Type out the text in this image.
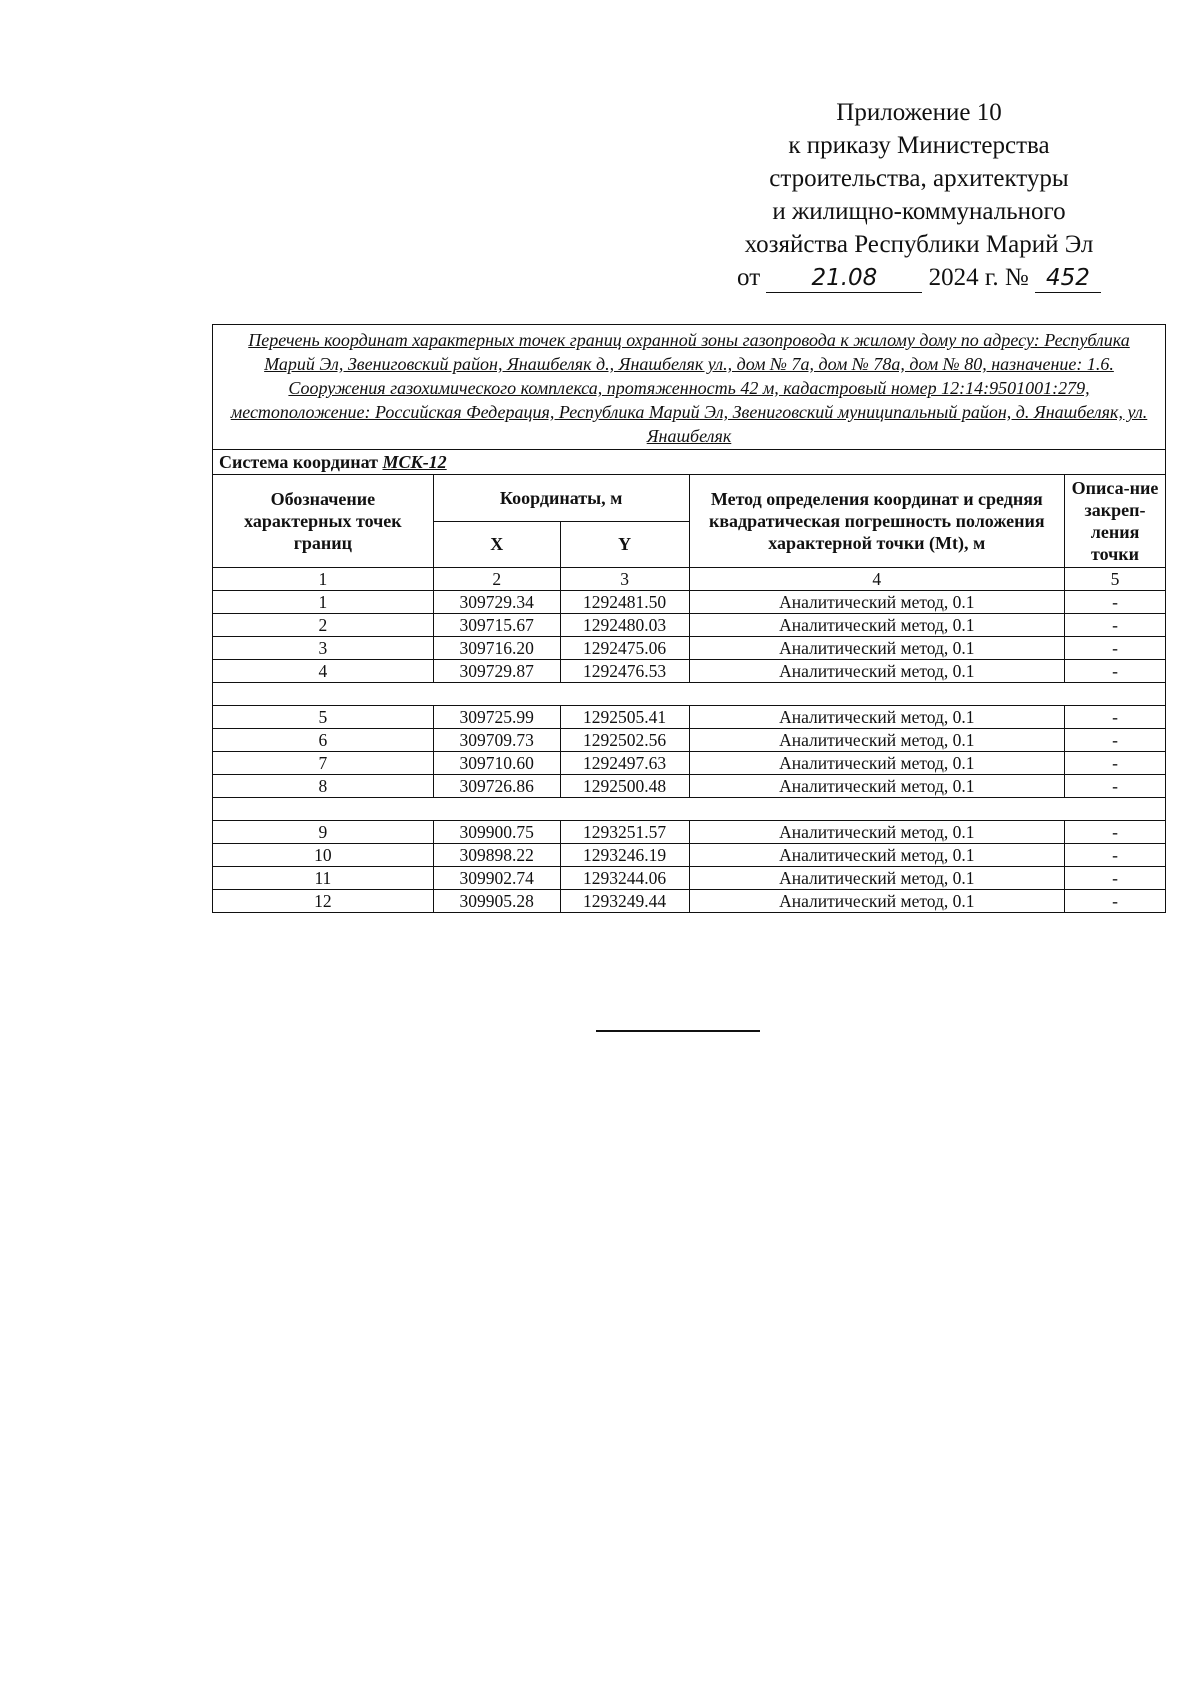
Приложение 10
к приказу Министерства
строительства, архитектуры
и жилищно-коммунального
хозяйства Республики Марий Эл
от 21.08 2024 г. № 452
Перечень координат характерных точек границ охранной зоны газопровода к жилому дому по адресу: Республика Марий Эл, Звениговский район, Янашбеляк д., Янашбеляк ул., дом № 7а, дом № 78а, дом № 80, назначение: 1.6. Сооружения газохимического комплекса, протяженность 42 м, кадастровый номер 12:14:9501001:279, местоположение: Российская Федерация, Республика Марий Эл, Звениговский муниципальный район, д. Янашбеляк, ул. Янашбеляк				
Система координат МСК-12				
Обозначение характерных точек границ	Координаты, м		Метод определения координат и средняя квадратическая погрешность положения характерной точки (Mt), м	Описа-ние закреп-ления точки
	X	Y		
1	2	3	4	5
1	309729.34	1292481.50	Аналитический метод, 0.1	-
2	309715.67	1292480.03	Аналитический метод, 0.1	-
3	309716.20	1292475.06	Аналитический метод, 0.1	-
4	309729.87	1292476.53	Аналитический метод, 0.1	-

5	309725.99	1292505.41	Аналитический метод, 0.1	-
6	309709.73	1292502.56	Аналитический метод, 0.1	-
7	309710.60	1292497.63	Аналитический метод, 0.1	-
8	309726.86	1292500.48	Аналитический метод, 0.1	-

9	309900.75	1293251.57	Аналитический метод, 0.1	-
10	309898.22	1293246.19	Аналитический метод, 0.1	-
11	309902.74	1293244.06	Аналитический метод, 0.1	-
12	309905.28	1293249.44	Аналитический метод, 0.1	-
